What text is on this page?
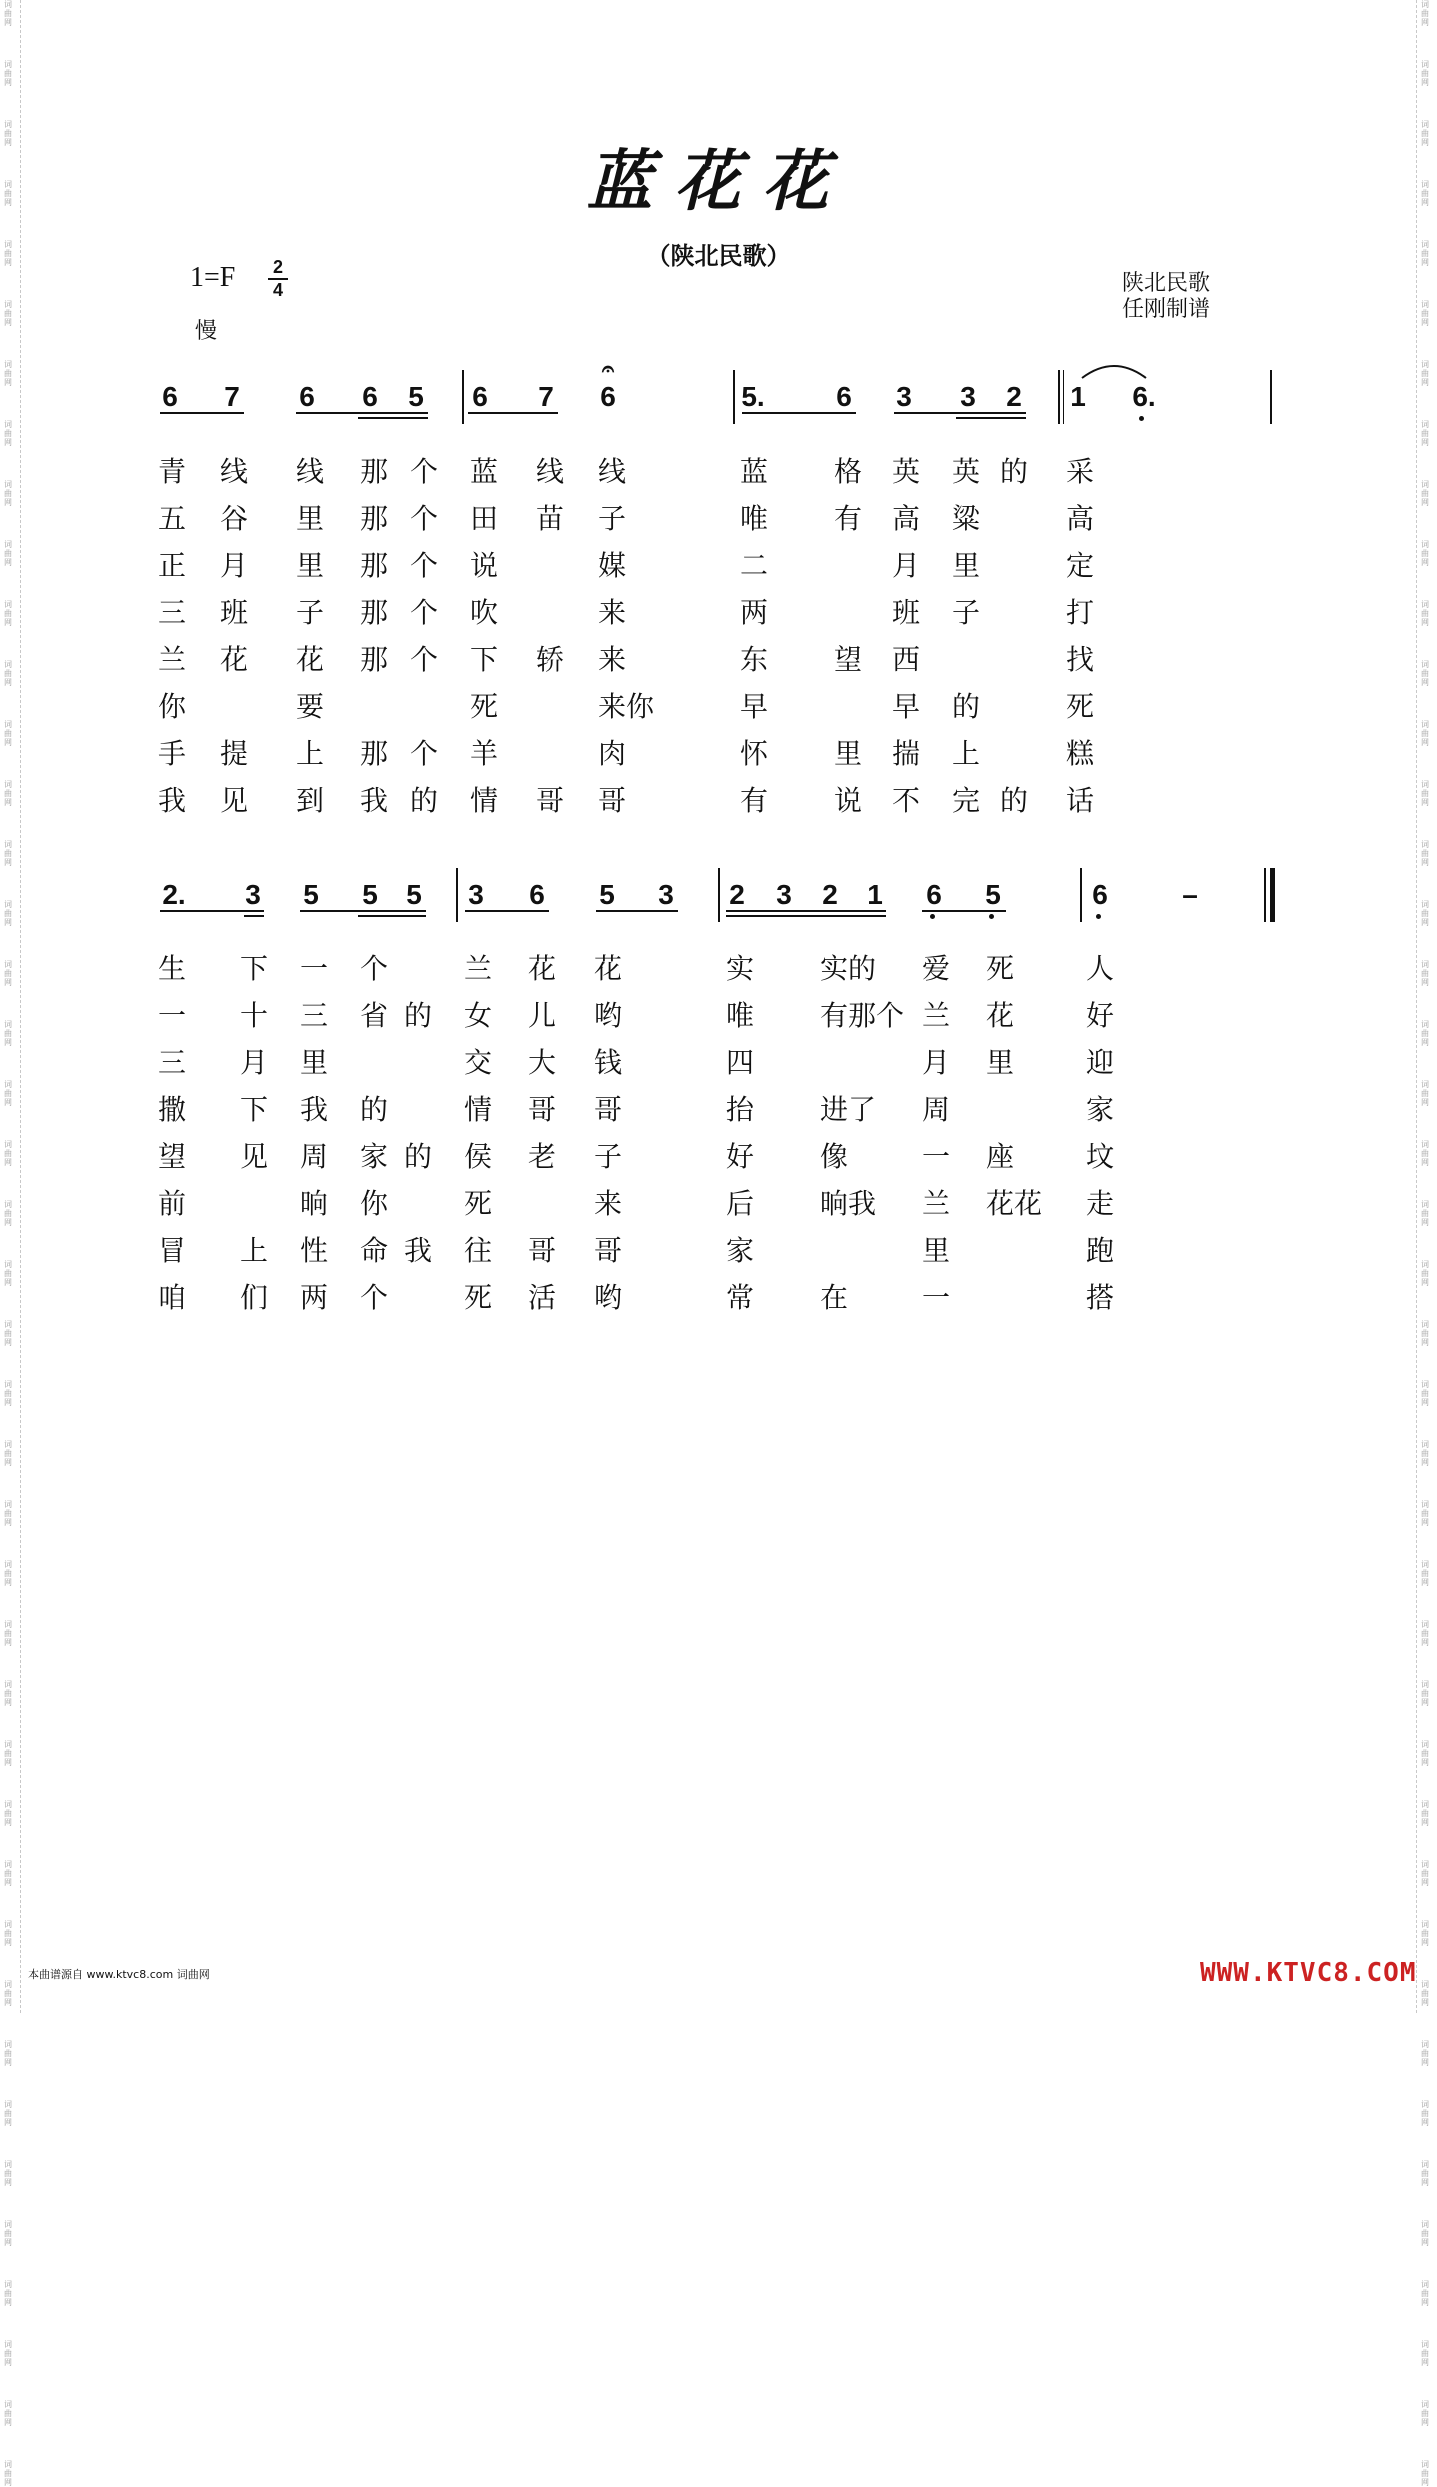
词曲网
词曲网
词曲网
词曲网
词曲网
词曲网
词曲网
词曲网
词曲网
词曲网
词曲网
词曲网
词曲网
词曲网
词曲网
词曲网
词曲网
词曲网
词曲网
词曲网
词曲网
词曲网
词曲网
词曲网
词曲网
词曲网
词曲网
词曲网
词曲网
词曲网
词曲网
词曲网
词曲网
词曲网
词曲网
词曲网
词曲网
词曲网
词曲网
词曲网
词曲网
词曲网
词曲网
词曲网
词曲网
词曲网
词曲网
词曲网
词曲网
词曲网
词曲网
词曲网
词曲网
词曲网
词曲网
词曲网
词曲网
词曲网
词曲网
词曲网
词曲网
词曲网
词曲网
词曲网
词曲网
词曲网
词曲网
词曲网
词曲网
词曲网
词曲网
词曲网
词曲网
词曲网
词曲网
词曲网
词曲网
词曲网
词曲网
词曲网
词曲网
词曲网
词曲网
词曲网
蓝花花
（陕北民歌）
1=F 2
4
慢
陕北民歌
任刚制谱
6 7 6 6 5 6 7 6
𝄐
5.	6 3 3 2 1 6.
青 线 线 那 个 蓝 线 线	蓝 格 英 英 的 采
五 谷 里 那 个 田 苗 子	唯 有 高 粱	高
正 月 里 那 个 说	媒	二	月 里	定
三 班 子 那 个 吹	来	两	班 子	打
兰 花 花 那 个 下 轿 来	东 望 西	找
你	要	死	来你	早	早 的	死
手 提 上 那 个 羊	肉	怀 里 揣 上	糕
我 见 到 我 的 情 哥 哥	有 说 不 完 的 话
2. 3 5 5 5 3 6 5 3 2 3 2 1 6 5	6	–
生 下 一 个	兰 花 花	实 实的 爱 死	人
一 十 三 省 的 女 儿 哟	唯 有那个 兰 花	好
三 月 里	交 大 钱	四	月 里	迎
撒 下 我 的	情 哥 哥	抬 进了 周	家
望 见 周 家 的 侯 老 子	好 像	一 座	坟
前	晌 你	死	来	后 晌我 兰 花花 走
冒 上 性 命 我 往 哥 哥	家	里	跑
咱 们 两 个	死 活 哟	常 在	一	搭
本曲谱源自 www.ktvc8.com 词曲网	WWW.KTVC8.COM
